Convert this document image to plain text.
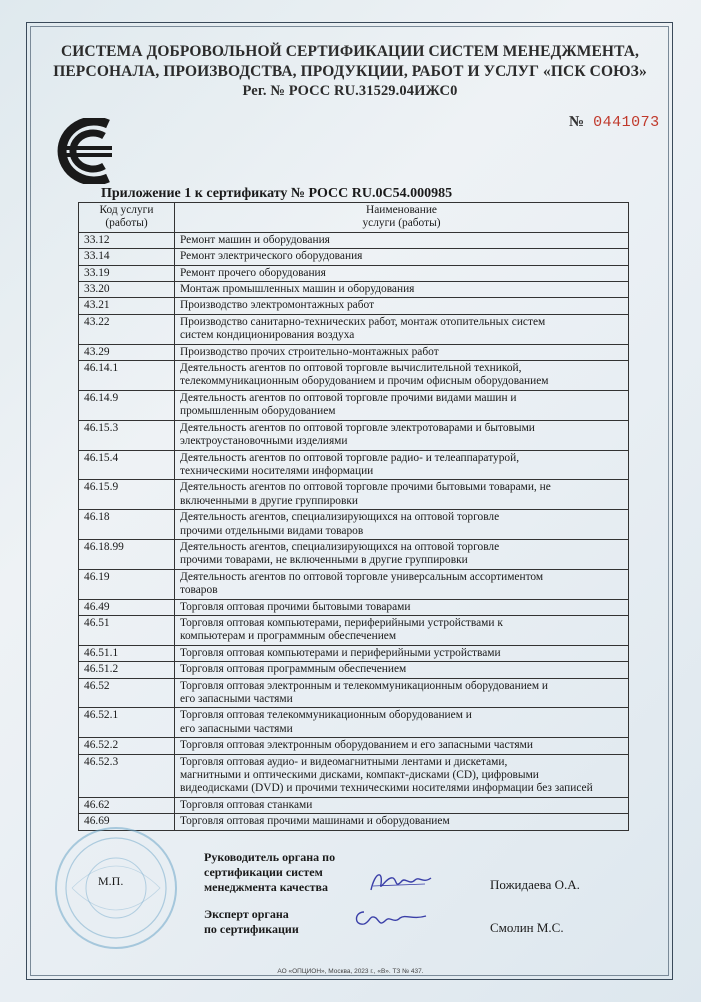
СИСТЕМА ДОБРОВОЛЬНОЙ СЕРТИФИКАЦИИ СИСТЕМ МЕНЕДЖМЕНТА,
ПЕРСОНАЛА, ПРОИЗВОДСТВА, ПРОДУКЦИИ, РАБОТ И УСЛУГ «ПСК СОЮЗ»
Рег. № РОСС RU.31529.04ИЖС0
№ 0441073
Приложение 1 к сертификату № РОСС RU.0С54.000985
Код услуги
(работы)	Наименование
услуги (работы)
33.12	Ремонт машин и оборудования
33.14	Ремонт электрического оборудования
33.19	Ремонт прочего оборудования
33.20	Монтаж промышленных машин и оборудования
43.21	Производство электромонтажных работ
43.22	Производство санитарно-технических работ, монтаж отопительных систем
систем кондиционирования воздуха
43.29	Производство прочих строительно-монтажных работ
46.14.1	Деятельность агентов по оптовой торговле вычислительной техникой,
телекоммуникационным оборудованием и прочим офисным оборудованием
46.14.9	Деятельность агентов по оптовой торговле прочими видами машин и
промышленным оборудованием
46.15.3	Деятельность агентов по оптовой торговле электротоварами и бытовыми
электроустановочными изделиями
46.15.4	Деятельность агентов по оптовой торговле радио- и телеаппаратурой,
техническими носителями информации
46.15.9	Деятельность агентов по оптовой торговле прочими бытовыми товарами, не
включенными в другие группировки
46.18	Деятельность агентов, специализирующихся на оптовой торговле
прочими отдельными видами товаров
46.18.99	Деятельность агентов, специализирующихся на оптовой торговле
прочими товарами, не включенными в другие группировки
46.19	Деятельность агентов по оптовой торговле универсальным ассортиментом
товаров
46.49	Торговля оптовая прочими бытовыми товарами
46.51	Торговля оптовая компьютерами, периферийными устройствами к
компьютерам и программным обеспечением
46.51.1	Торговля оптовая компьютерами и периферийными устройствами
46.51.2	Торговля оптовая программным обеспечением
46.52	Торговля оптовая электронным и телекоммуникационным оборудованием и
его запасными частями
46.52.1	Торговля оптовая телекоммуникационным оборудованием и
его запасными частями
46.52.2	Торговля оптовая электронным оборудованием и его запасными частями
46.52.3	Торговля оптовая аудио- и видеомагнитными лентами и дискетами,
магнитными и оптическими дисками, компакт-дисками (CD), цифровыми
видеодисками (DVD) и прочими техническими носителями информации без записей
46.62	Торговля оптовая станками
46.69	Торговля оптовая прочими машинами и оборудованием
М.П.
Руководитель органа по
сертификации систем
менеджмента качества	Пожидаева О.А.
Эксперт органа
по сертификации	Смолин М.С.
АО «ОПЦИОН», Москва, 2023 г., «В». ТЗ № 437.
